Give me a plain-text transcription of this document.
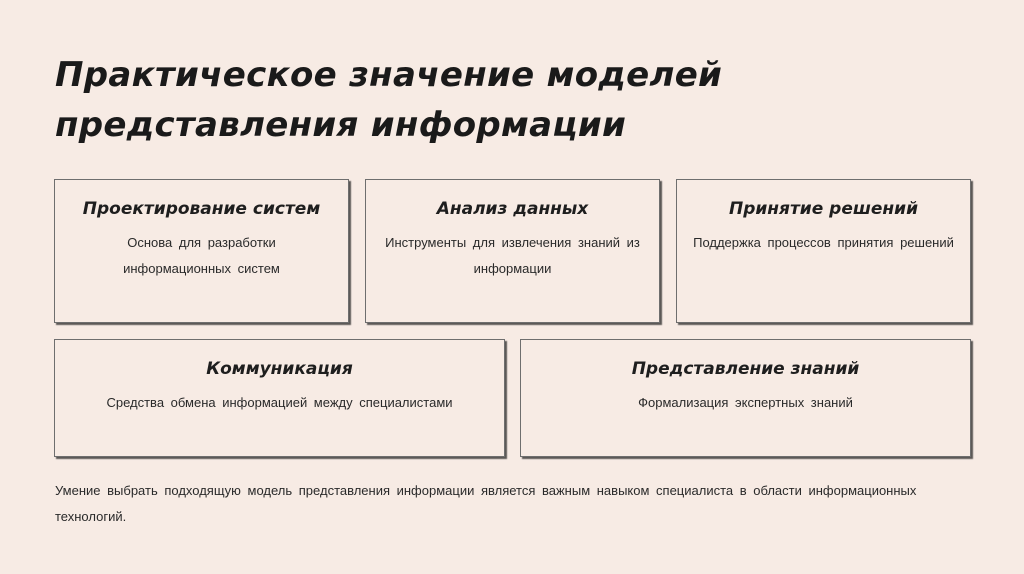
Практическое значение моделей представления информации
Проектирование систем
Основа для разработки информационных систем
Анализ данных
Инструменты для извлечения знаний из информации
Принятие решений
Поддержка процессов принятия решений
Коммуникация
Средства обмена информацией между специалистами
Представление знаний
Формализация экспертных знаний

Умение выбрать подходящую модель представления информации является важным навыком специалиста в области информационных технологий.
